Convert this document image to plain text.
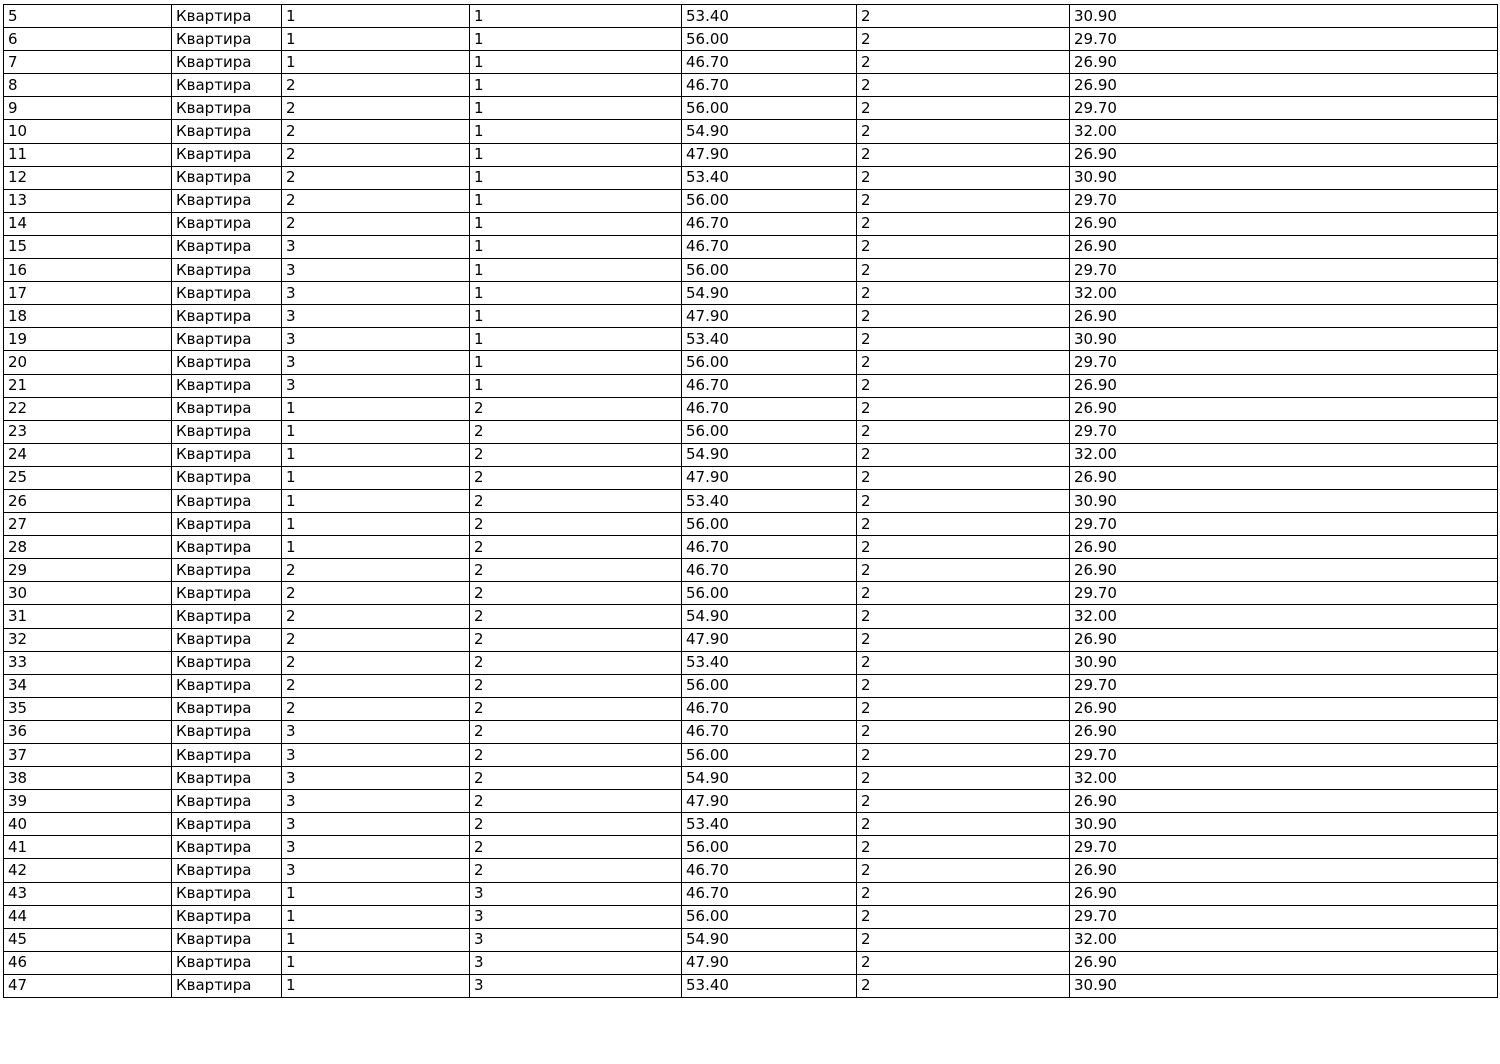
5	Квартира	1	1	53.40	2	30.90	
6	Квартира	1	1	56.00	2	29.70	
7	Квартира	1	1	46.70	2	26.90	
8	Квартира	2	1	46.70	2	26.90	
9	Квартира	2	1	56.00	2	29.70	
10	Квартира	2	1	54.90	2	32.00	
11	Квартира	2	1	47.90	2	26.90	
12	Квартира	2	1	53.40	2	30.90	
13	Квартира	2	1	56.00	2	29.70	
14	Квартира	2	1	46.70	2	26.90	
15	Квартира	3	1	46.70	2	26.90	
16	Квартира	3	1	56.00	2	29.70	
17	Квартира	3	1	54.90	2	32.00	
18	Квартира	3	1	47.90	2	26.90	
19	Квартира	3	1	53.40	2	30.90	
20	Квартира	3	1	56.00	2	29.70	
21	Квартира	3	1	46.70	2	26.90	
22	Квартира	1	2	46.70	2	26.90	
23	Квартира	1	2	56.00	2	29.70	
24	Квартира	1	2	54.90	2	32.00	
25	Квартира	1	2	47.90	2	26.90	
26	Квартира	1	2	53.40	2	30.90	
27	Квартира	1	2	56.00	2	29.70	
28	Квартира	1	2	46.70	2	26.90	
29	Квартира	2	2	46.70	2	26.90	
30	Квартира	2	2	56.00	2	29.70	
31	Квартира	2	2	54.90	2	32.00	
32	Квартира	2	2	47.90	2	26.90	
33	Квартира	2	2	53.40	2	30.90	
34	Квартира	2	2	56.00	2	29.70	
35	Квартира	2	2	46.70	2	26.90	
36	Квартира	3	2	46.70	2	26.90	
37	Квартира	3	2	56.00	2	29.70	
38	Квартира	3	2	54.90	2	32.00	
39	Квартира	3	2	47.90	2	26.90	
40	Квартира	3	2	53.40	2	30.90	
41	Квартира	3	2	56.00	2	29.70	
42	Квартира	3	2	46.70	2	26.90	
43	Квартира	1	3	46.70	2	26.90	
44	Квартира	1	3	56.00	2	29.70	
45	Квартира	1	3	54.90	2	32.00	
46	Квартира	1	3	47.90	2	26.90	
47	Квартира	1	3	53.40	2	30.90	
